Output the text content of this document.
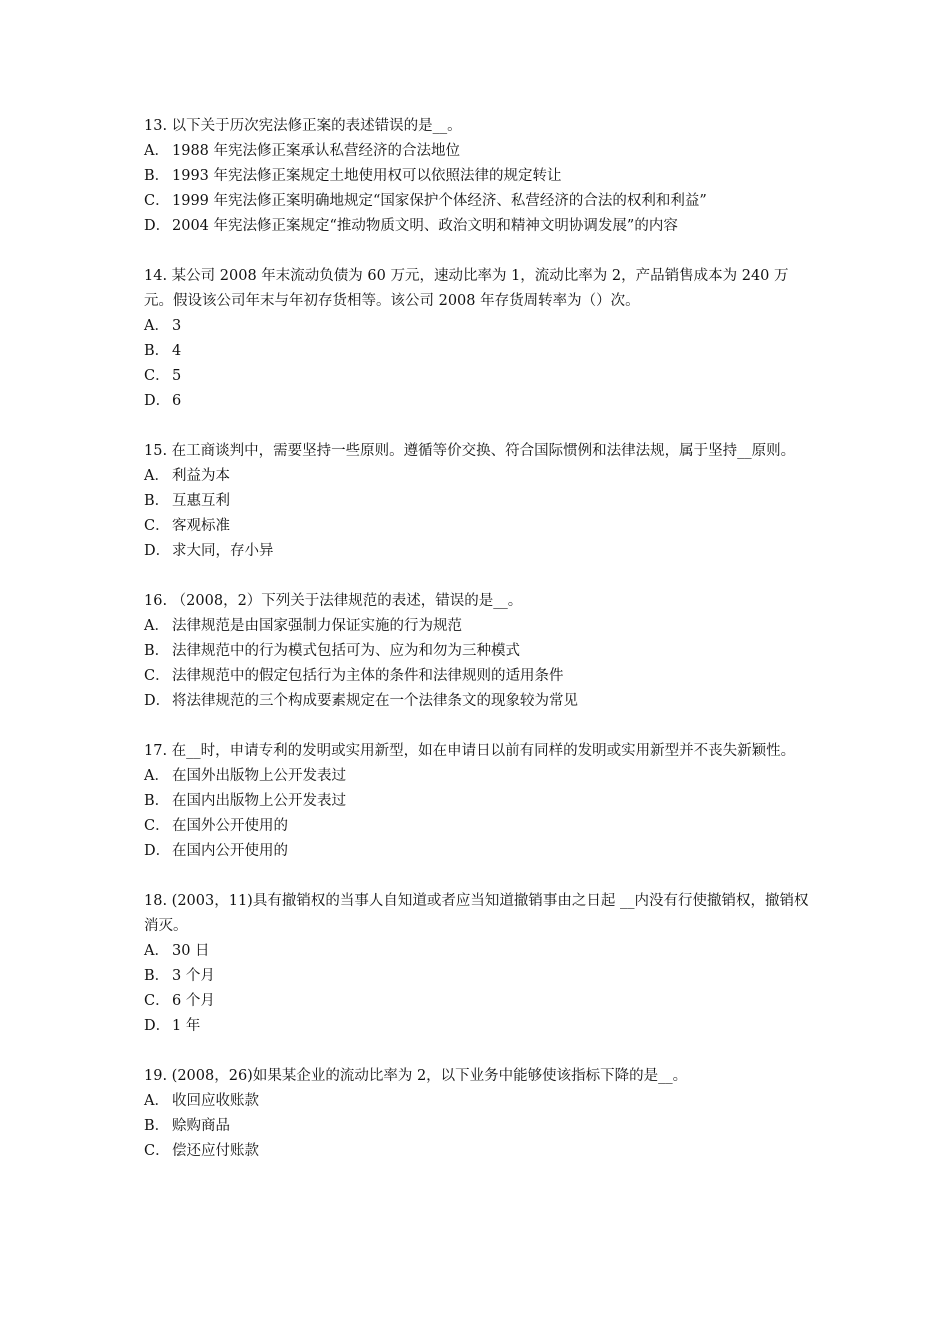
13. 以下关于历次宪法修正案的表述错误的是__。

A． 1988 年宪法修正案承认私营经济的合法地位
B． 1993 年宪法修正案规定土地使用权可以依照法律的规定转让
C． 1999 年宪法修正案明确地规定“国家保护个体经济、私营经济的合法的权利和利益”
D． 2004 年宪法修正案规定“推动物质文明、政治文明和精神文明协调发展”的内容

14. 某公司 2008 年末流动负债为 60 万元，速动比率为 1，流动比率为 2，产品销售成本为 240 万元。假设该公司年末与年初存货相等。该公司 2008 年存货周转率为（）次。

A． 3
B． 4
C． 5
D． 6

15. 在工商谈判中，需要坚持一些原则。遵循等价交换、符合国际惯例和法律法规，属于坚持__原则。

A． 利益为本
B． 互惠互利
C． 客观标准
D． 求大同，存小异

16. （2008，2）下列关于法律规范的表述，错误的是__。

A． 法律规范是由国家强制力保证实施的行为规范
B． 法律规范中的行为模式包括可为、应为和勿为三种模式
C． 法律规范中的假定包括行为主体的条件和法律规则的适用条件
D． 将法律规范的三个构成要素规定在一个法律条文的现象较为常见

17. 在__时，申请专利的发明或实用新型，如在申请日以前有同样的发明或实用新型并不丧失新颖性。

A． 在国外出版物上公开发表过
B． 在国内出版物上公开发表过
C． 在国外公开使用的
D． 在国内公开使用的

18. (2003，11)具有撤销权的当事人自知道或者应当知道撤销事由之日起 __内没有行使撤销权，撤销权消灭。

A． 30 日
B． 3 个月
C． 6 个月
D． 1 年

19. (2008，26)如果某企业的流动比率为 2，以下业务中能够使该指标下降的是__。

A． 收回应收账款
B． 赊购商品
C． 偿还应付账款
